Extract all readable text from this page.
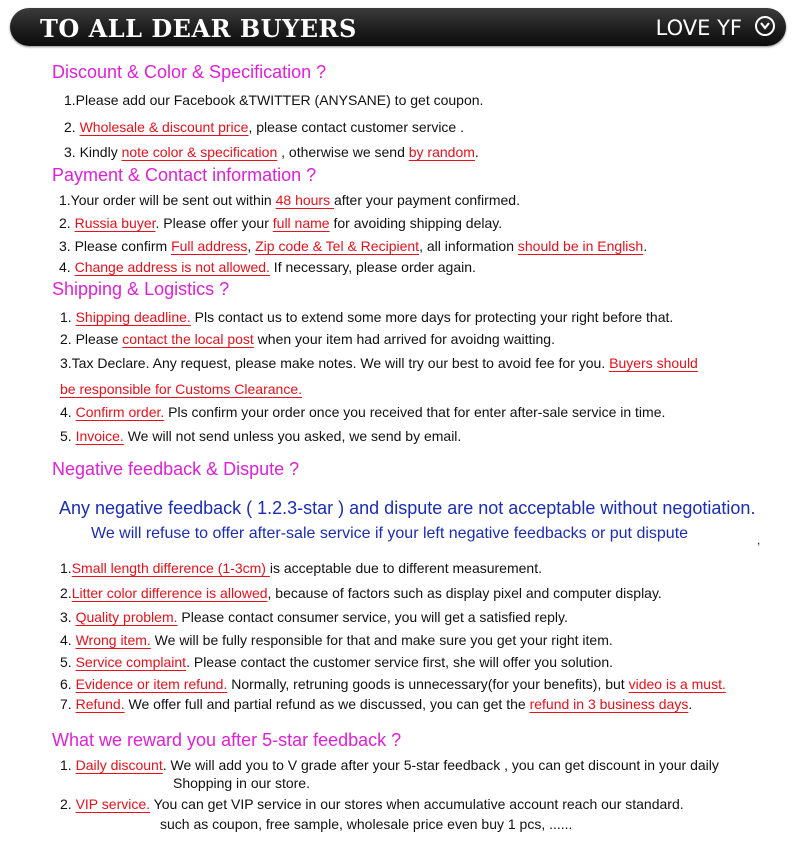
TO ALL DEAR BUYERS	LOVE YF
Discount & Color & Specification ?
1.Please add our Facebook &TWITTER (ANYSANE) to get coupon.
2. Wholesale & discount price, please contact customer service .
3. Kindly note color & specification , otherwise we send by random.
Payment & Contact information ?
1.Your order will be sent out within 48 hours after your payment confirmed.
2. Russia buyer. Please offer your full name for avoiding shipping delay.
3. Please confirm Full address, Zip code & Tel & Recipient, all information should be in English.
4. Change address is not allowed. If necessary, please order again.
Shipping & Logistics ?
1. Shipping deadline. Pls contact us to extend some more days for protecting your right before that.
2. Please contact the local post when your item had arrived for avoidng waitting.
3.Tax Declare. Any request, please make notes. We will try our best to avoid fee for you. Buyers should
be responsible for Customs Clearance.
4. Confirm order. Pls confirm your order once you received that for enter after-sale service in time.
5. Invoice. We will not send unless you asked, we send by email.
Negative feedback & Dispute ?
Any negative feedback ( 1.2.3-star ) and dispute are not acceptable without negotiation.
We will refuse to offer after-sale service if your left negative feedbacks or put dispute	,
1.Small length difference (1-3cm) is acceptable due to different measurement.
2.Litter color difference is allowed, because of factors such as display pixel and computer display.
3. Quality problem. Please contact consumer service, you will get a satisfied reply.
4. Wrong item. We will be fully responsible for that and make sure you get your right item.
5. Service complaint. Please contact the customer service first, she will offer you solution.
6. Evidence or item refund. Normally, retruning goods is unnecessary(for your benefits), but video is a must.
7. Refund. We offer full and partial refund as we discussed, you can get the refund in 3 business days.
What we reward you after 5-star feedback ?
1. Daily discount. We will add you to V grade after your 5-star feedback , you can get discount in your daily
Shopping in our store.
2. VIP service. You can get VIP service in our stores when accumulative account reach our standard.
such as coupon, free sample, wholesale price even buy 1 pcs, ......
